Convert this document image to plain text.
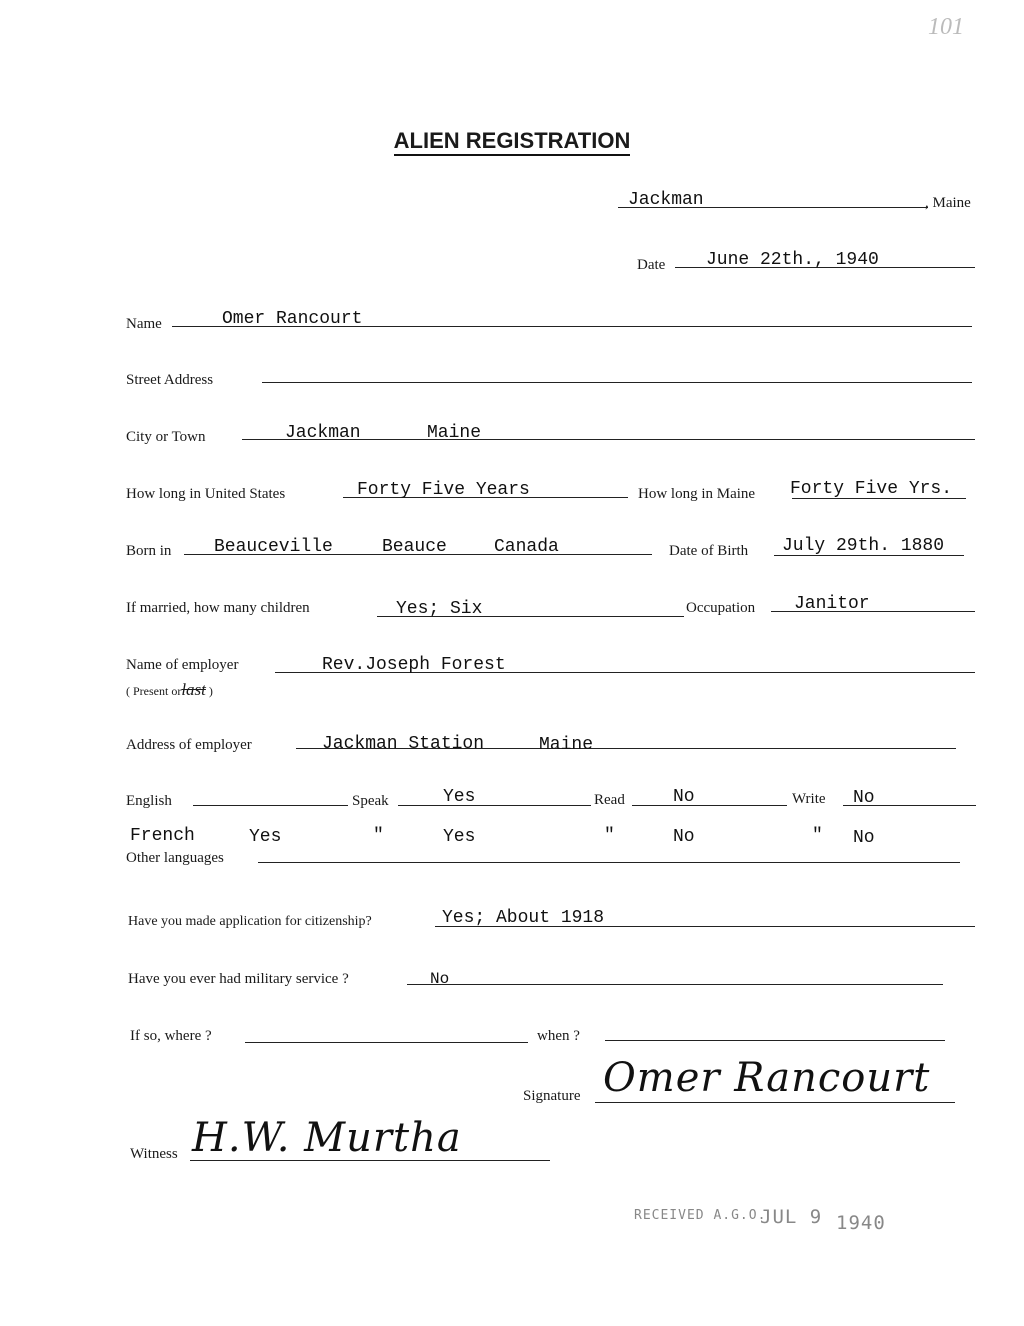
101
ALIEN REGISTRATION
Jackman	, Maine
Date June 22th., 1940
Name	Omer Rancourt
Street Address
City or Town	Jackman	Maine
How long in United States	Forty Five Years	How long in Maine Forty Five Yrs.
Born in Beauceville	Beauce	Canada	Date of Birth July 29th. 1880
If married, how many children	Yes; Six	Occupation Janitor
Name of employer	Rev.Joseph Forest
( Present orlast )
Address of employer	Jackman Station	Maine
English	Speak	Yes	Read	No	Write No
French	Yes	"	Yes	"	No	" No
Other languages
Have you made application for citizenship?	Yes; About 1918
Have you ever had military service ?	No
If so, where ?	when ?
Signature Omer Rancourt
Witness H.W. Murtha
RECEIVED A.G.O.
JUL 9 1940
